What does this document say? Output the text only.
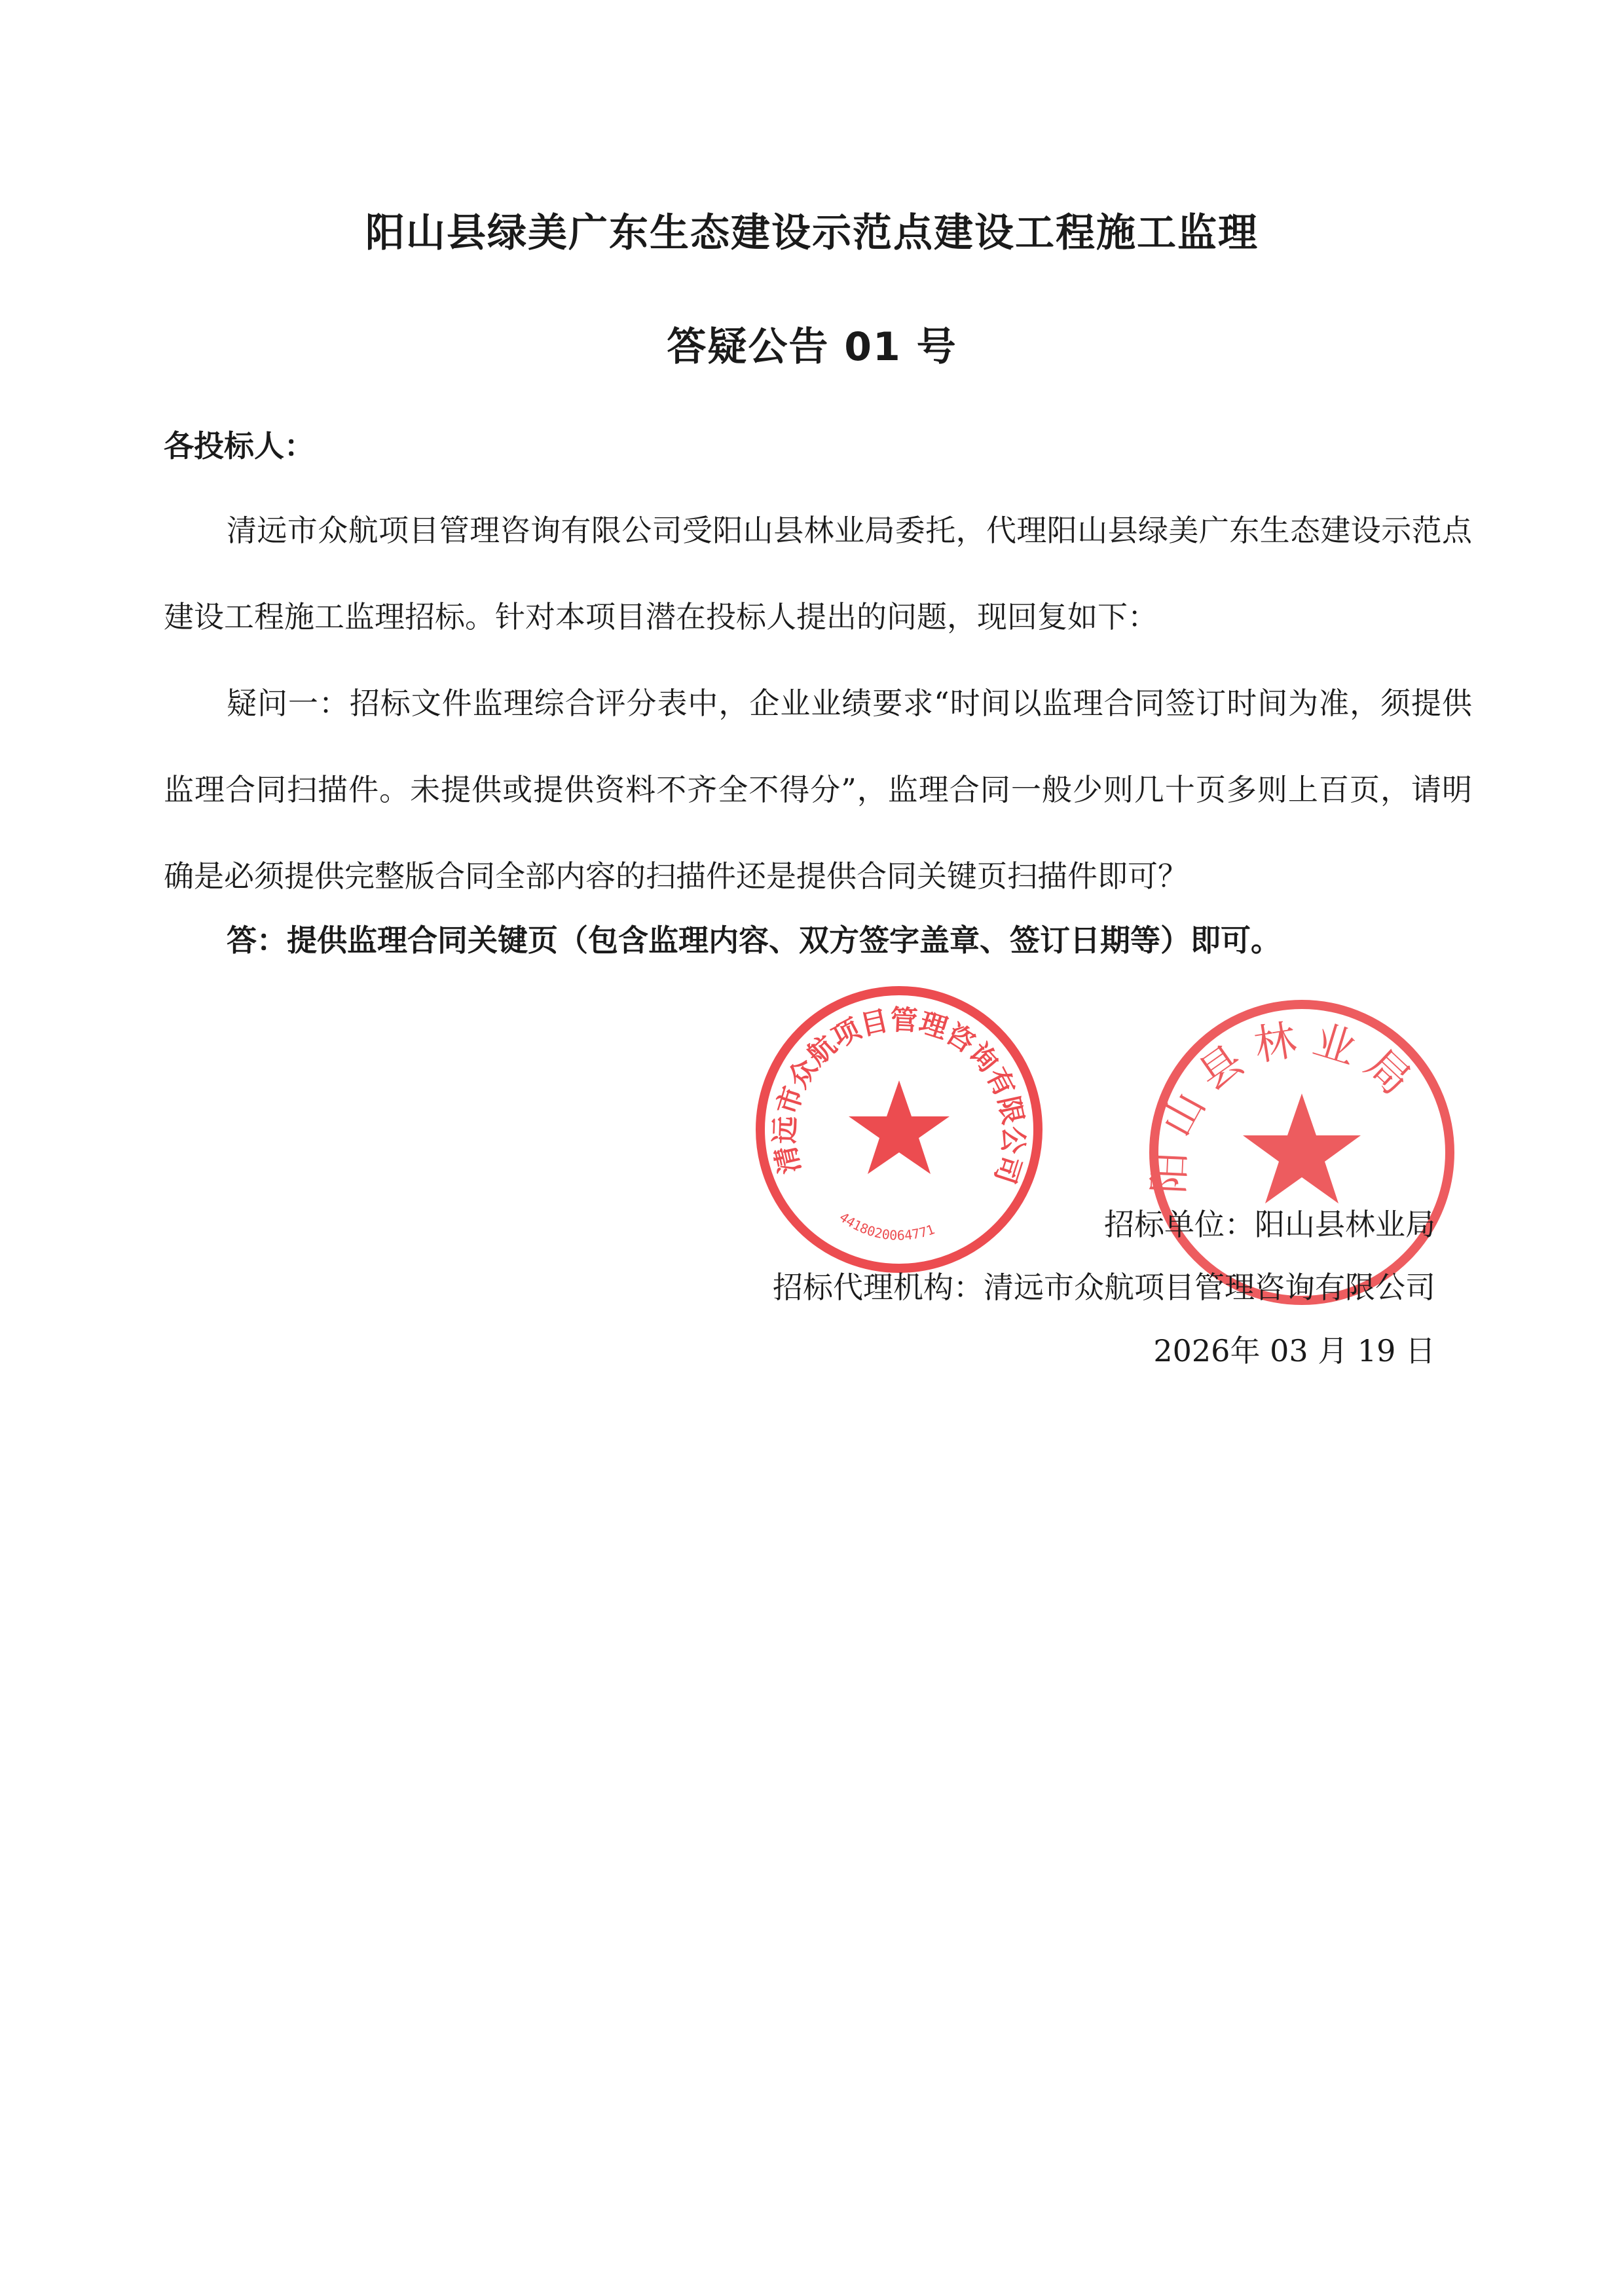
阳山县绿美广东生态建设示范点建设工程施工监理
答疑公告 01 号
各投标人：

清远市众航项目管理咨询有限公司受阳山县林业局委托，代理阳山县绿美广东生态建设示范点建设工程施工监理招标。针对本项目潜在投标人提出的问题，现回复如下：

疑问一：招标文件监理综合评分表中，企业业绩要求“时间以监理合同签订时间为准，须提供监理合同扫描件。未提供或提供资料不齐全不得分”，监理合同一般少则几十页多则上百页，请明确是必须提供完整版合同全部内容的扫描件还是提供合同关键页扫描件即可？

答：提供监理合同关键页（包含监理内容、双方签字盖章、签订日期等）即可。
清远市众航项目管理咨询有限公司
4418020064771
阳山县林业局
招标单位：阳山县林业局
招标代理机构：清远市众航项目管理咨询有限公司
2026年 03 月 19 日
